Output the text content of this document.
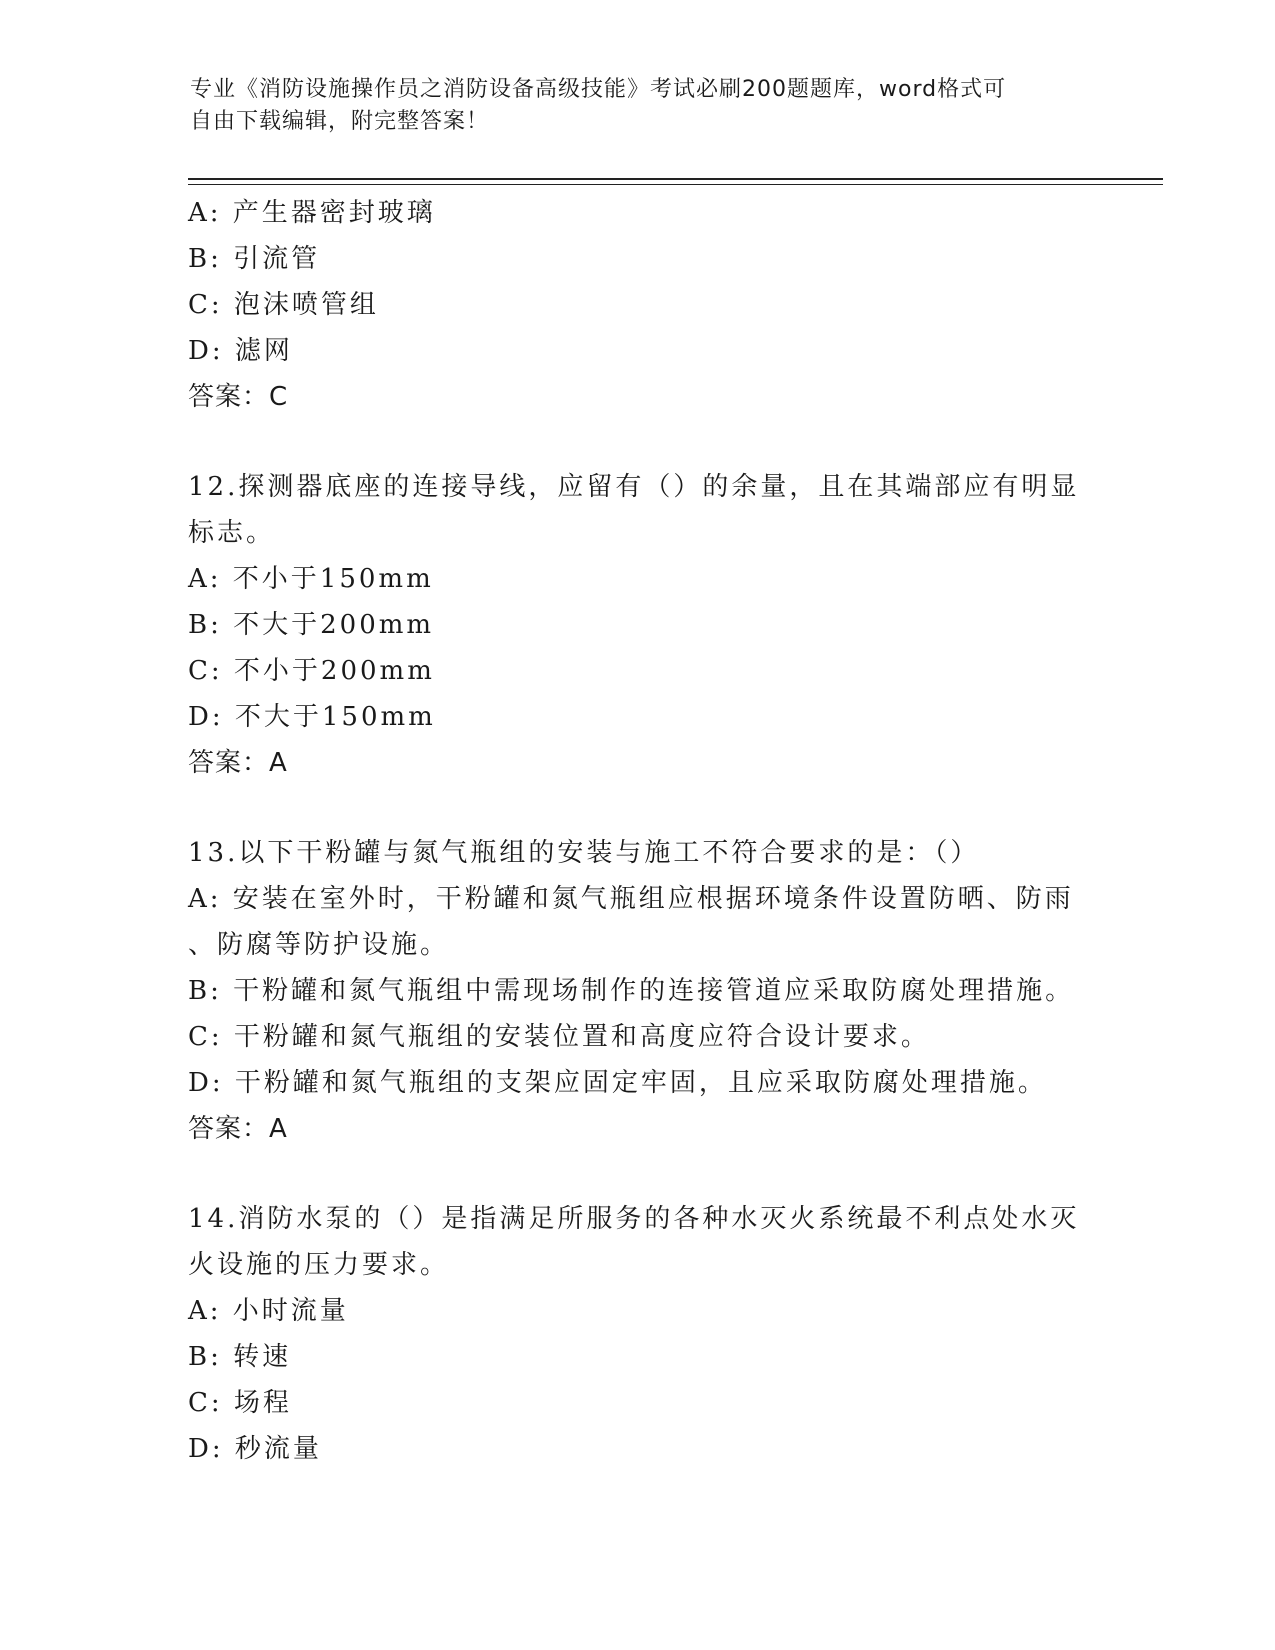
专业《消防设施操作员之消防设备高级技能》考试必刷200题题库，word格式可
自由下载编辑，附完整答案！
A: 产生器密封玻璃
B: 引流管
C: 泡沫喷管组
D: 滤网
答案：C
12.探测器底座的连接导线，应留有（）的余量，且在其端部应有明显
标志。
A: 不小于150mm
B: 不大于200mm
C: 不小于200mm
D: 不大于150mm
答案：A
13.以下干粉罐与氮气瓶组的安装与施工不符合要求的是：（）
A: 安装在室外时，干粉罐和氮气瓶组应根据环境条件设置防晒、防雨
、防腐等防护设施。
B: 干粉罐和氮气瓶组中需现场制作的连接管道应采取防腐处理措施。
C: 干粉罐和氮气瓶组的安装位置和高度应符合设计要求。
D: 干粉罐和氮气瓶组的支架应固定牢固，且应采取防腐处理措施。
答案：A
14.消防水泵的（）是指满足所服务的各种水灭火系统最不利点处水灭
火设施的压力要求。
A: 小时流量
B: 转速
C: 场程
D: 秒流量
